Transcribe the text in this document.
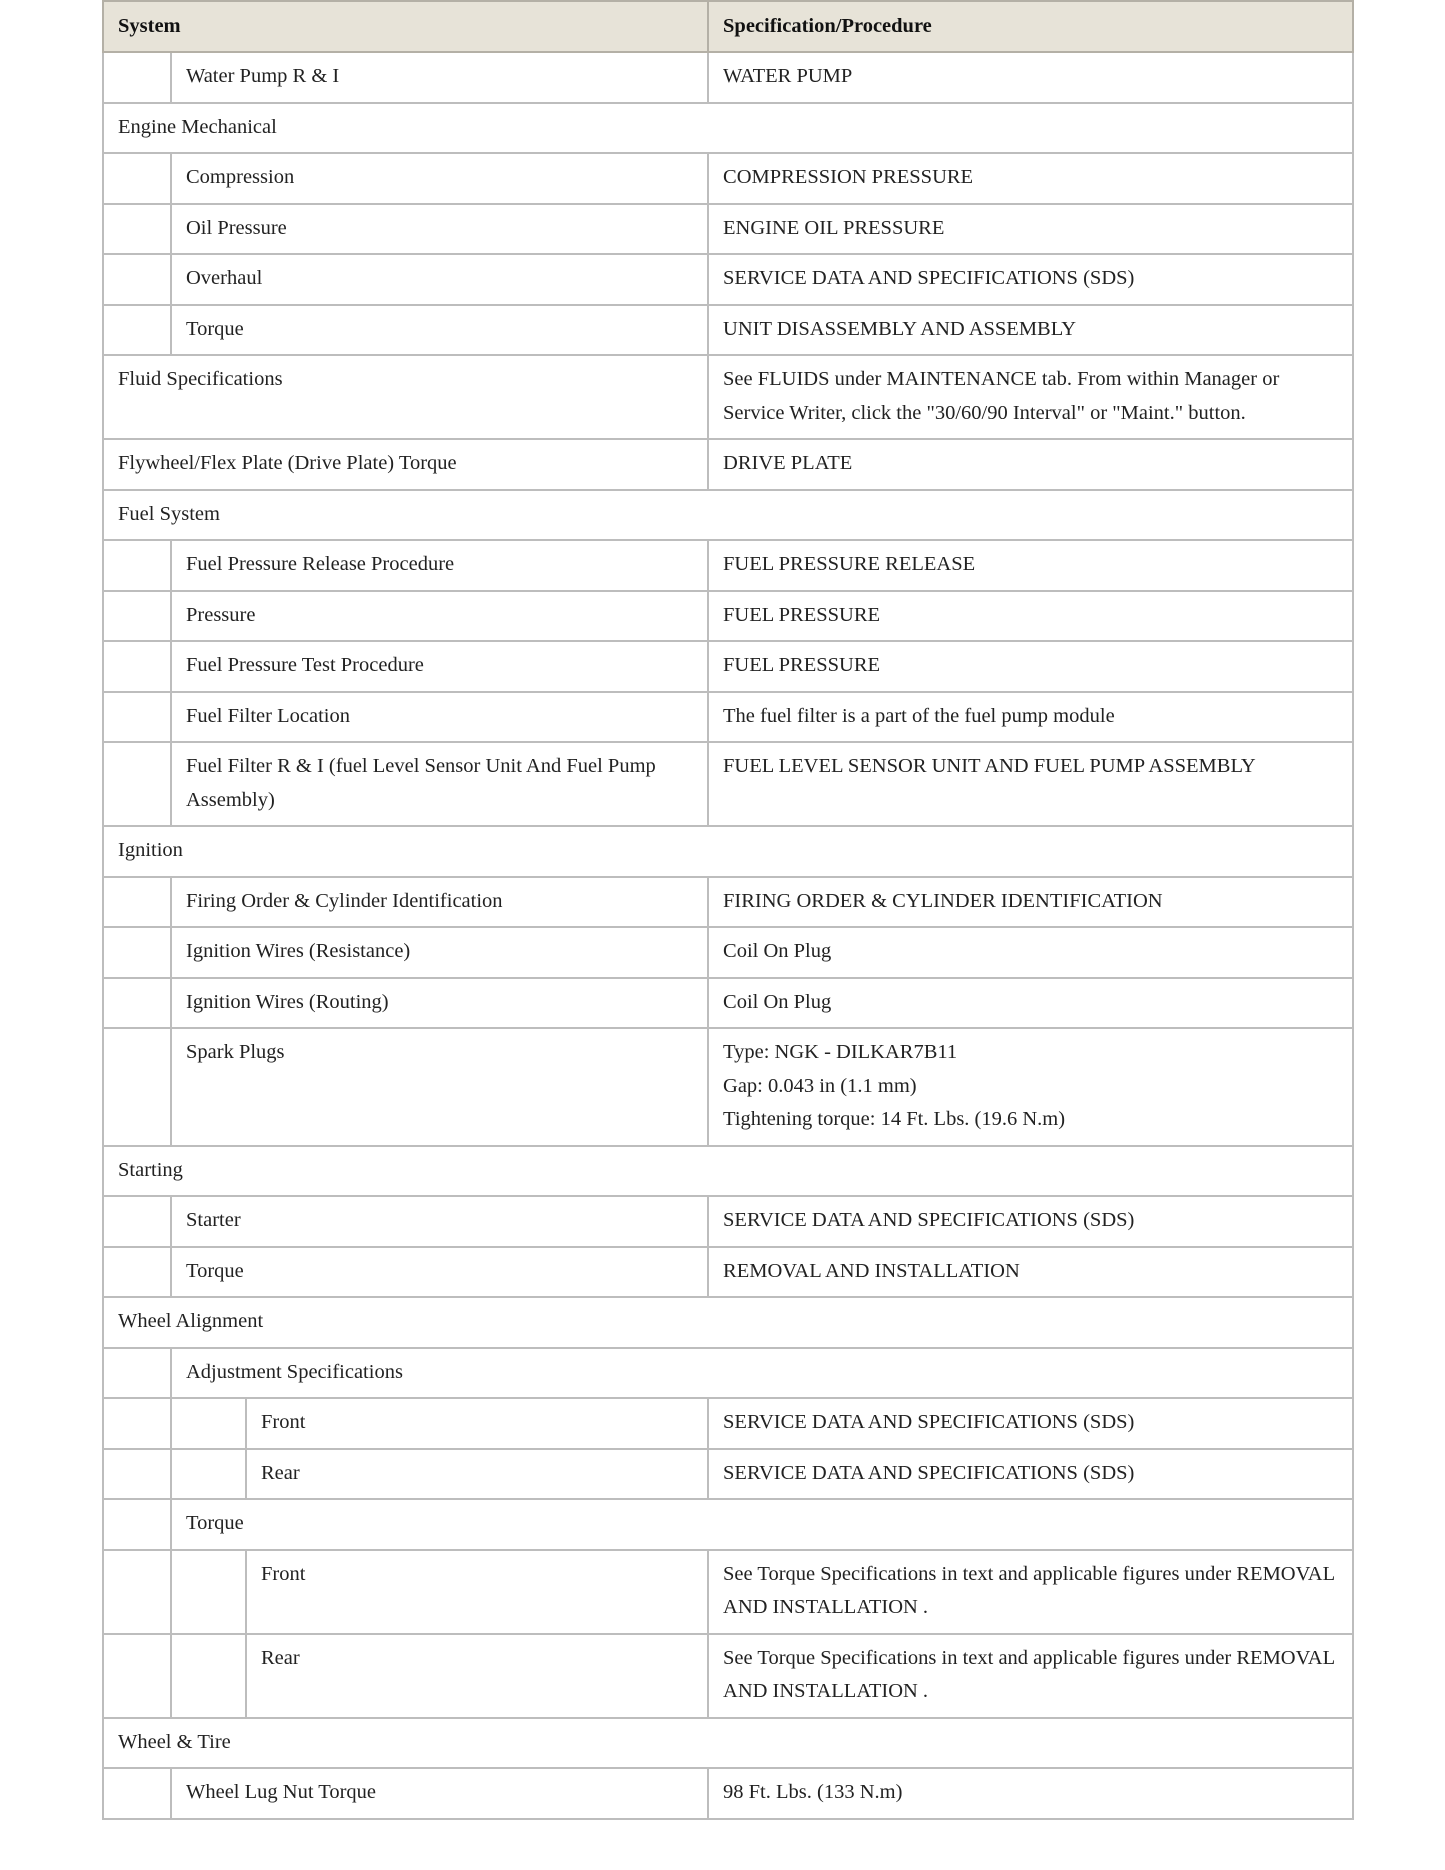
System			Specification/Procedure
	Water Pump R & I		WATER PUMP

Engine Mechanical			
	Compression		COMPRESSION PRESSURE

	Oil Pressure		ENGINE OIL PRESSURE

	Overhaul		SERVICE DATA AND SPECIFICATIONS (SDS)

	Torque		UNIT DISASSEMBLY AND ASSEMBLY

Fluid Specifications			See FLUIDS under MAINTENANCE tab. From within Manager or Service Writer, click the "30/60/90 Interval" or "Maint." button.

Flywheel/Flex Plate (Drive Plate) Torque			DRIVE PLATE

Fuel System			
	Fuel Pressure Release Procedure		FUEL PRESSURE RELEASE

	Pressure		FUEL PRESSURE

	Fuel Pressure Test Procedure		FUEL PRESSURE

	Fuel Filter Location		The fuel filter is a part of the fuel pump module

	Fuel Filter R & I (fuel Level Sensor Unit And Fuel Pump Assembly)		FUEL LEVEL SENSOR UNIT AND FUEL PUMP ASSEMBLY

Ignition			
	Firing Order & Cylinder Identification		FIRING ORDER & CYLINDER IDENTIFICATION

	Ignition Wires (Resistance)		Coil On Plug

	Ignition Wires (Routing)		Coil On Plug

	Spark Plugs		Type: NGK - DILKAR7B11
Gap: 0.043 in (1.1 mm)
Tightening torque: 14 Ft. Lbs. (19.6 N.m)

Starting			
	Starter		SERVICE DATA AND SPECIFICATIONS (SDS)

	Torque		REMOVAL AND INSTALLATION

Wheel Alignment			
	Adjustment Specifications		
		Front	SERVICE DATA AND SPECIFICATIONS (SDS)

		Rear	SERVICE DATA AND SPECIFICATIONS (SDS)

	Torque		
		Front	See Torque Specifications in text and applicable figures under REMOVAL AND INSTALLATION .

		Rear	See Torque Specifications in text and applicable figures under REMOVAL AND INSTALLATION .

Wheel & Tire			
	Wheel Lug Nut Torque		98 Ft. Lbs. (133 N.m)
